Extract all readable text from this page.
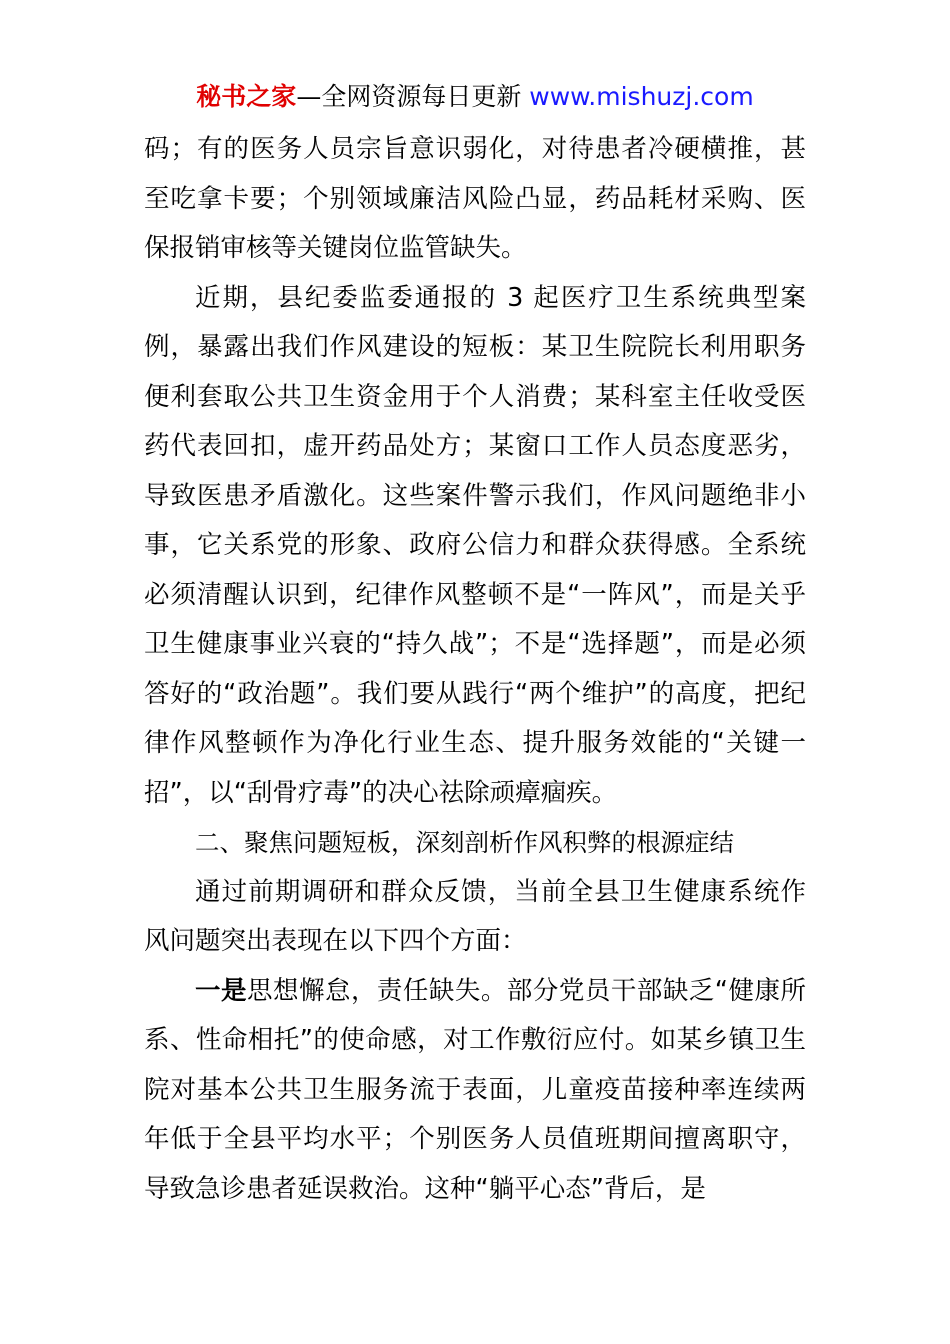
秘书之家—全网资源每日更新 www.mishuzj.com

码；有的医务人员宗旨意识弱化，对待患者冷硬横推，甚至吃拿卡要；个别领域廉洁风险凸显，药品耗材采购、医保报销审核等关键岗位监管缺失。

近期，县纪委监委通报的 3 起医疗卫生系统典型案例，暴露出我们作风建设的短板：某卫生院院长利用职务便利套取公共卫生资金用于个人消费；某科室主任收受医药代表回扣，虚开药品处方；某窗口工作人员态度恶劣，导致医患矛盾激化。这些案件警示我们，作风问题绝非小事，它关系党的形象、政府公信力和群众获得感。全系统必须清醒认识到，纪律作风整顿不是“一阵风”，而是关乎卫生健康事业兴衰的“持久战”；不是“选择题”，而是必须答好的“政治题”。我们要从践行“两个维护”的高度，把纪律作风整顿作为净化行业生态、提升服务效能的“关键一招”，以“刮骨疗毒”的决心祛除顽瘴痼疾。

二、聚焦问题短板，深刻剖析作风积弊的根源症结

通过前期调研和群众反馈，当前全县卫生健康系统作风问题突出表现在以下四个方面：

一是思想懈怠，责任缺失。部分党员干部缺乏“健康所系、性命相托”的使命感，对工作敷衍应付。如某乡镇卫生院对基本公共卫生服务流于表面，儿童疫苗接种率连续两年低于全县平均水平；个别医务人员值班期间擅离职守，导致急诊患者延误救治。这种“躺平心态”背后，是
